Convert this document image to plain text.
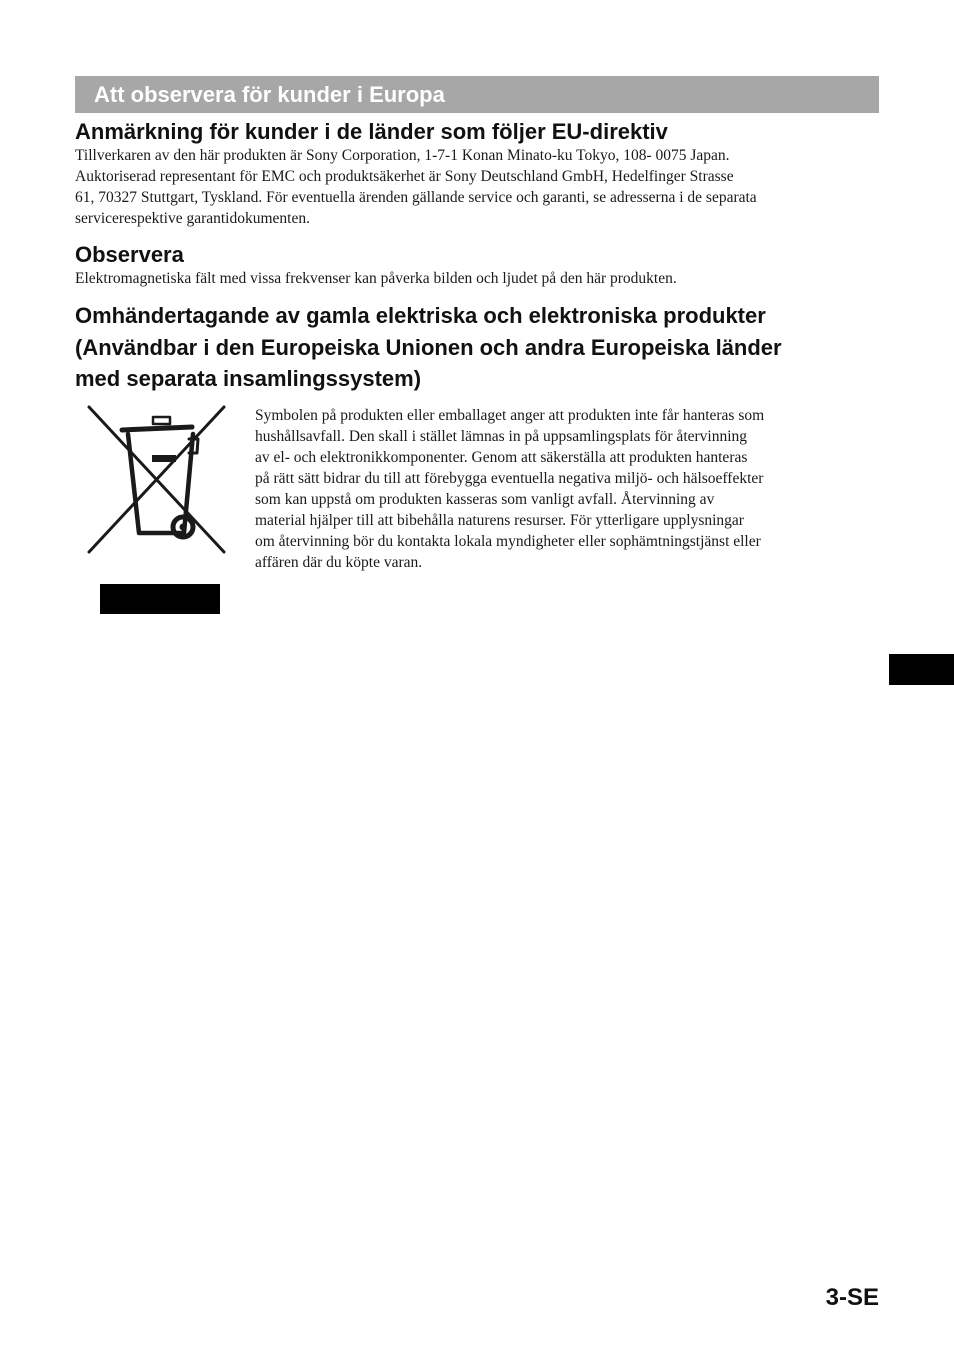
Att observera för kunder i Europa
Anmärkning för kunder i de länder som följer EU-direktiv
Tillverkaren av den här produkten är Sony Corporation, 1-7-1 Konan Minato-ku Tokyo, 108- 0075 Japan.
Auktoriserad representant för EMC och produktsäkerhet är Sony Deutschland GmbH, Hedelfinger Strasse
61, 70327 Stuttgart, Tyskland. För eventuella ärenden gällande service och garanti, se adresserna i de separata
servicerespektive garantidokumenten.
Observera
Elektromagnetiska fält med vissa frekvenser kan påverka bilden och ljudet på den här produkten.
Omhändertagande av gamla elektriska och elektroniska produkter
(Användbar i den Europeiska Unionen och andra Europeiska länder
med separata insamlingssystem)
Symbolen på produkten eller emballaget anger att produkten inte får hanteras som
hushållsavfall. Den skall i stället lämnas in på uppsamlingsplats för återvinning
av el- och elektronikkomponenter. Genom att säkerställa att produkten hanteras
på rätt sätt bidrar du till att förebygga eventuella negativa miljö- och hälsoeffekter
som kan uppstå om produkten kasseras som vanligt avfall. Återvinning av
material hjälper till att bibehålla naturens resurser. För ytterligare upplysningar
om återvinning bör du kontakta lokala myndigheter eller sophämtningstjänst eller
affären där du köpte varan.
3-SE
